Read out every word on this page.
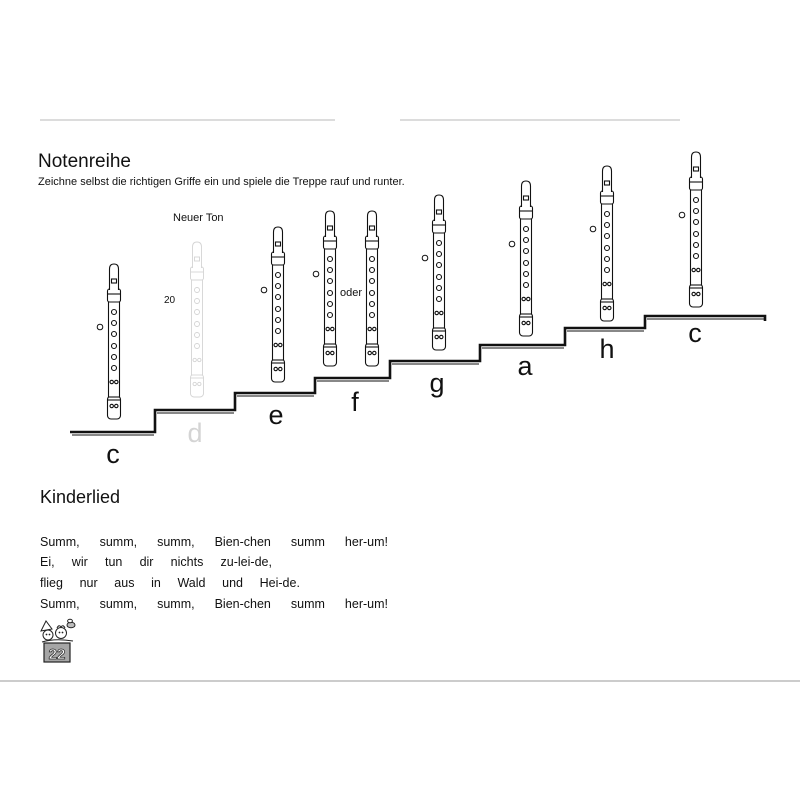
Notenreihe
Zeichne selbst die richtigen Griffe ein und spiele die Treppe rauf und runter.
Neuer Ton
20
oder
c
d
e	f
g
a
h
c
Kinderlied
Summ, summ, summ, Bien-chen summ her-um!
Ei, wir tun dir nichts zu-lei-de,
flieg nur aus in Wald und Hei-de.
Summ, summ, summ, Bien-chen summ her-um!
22
